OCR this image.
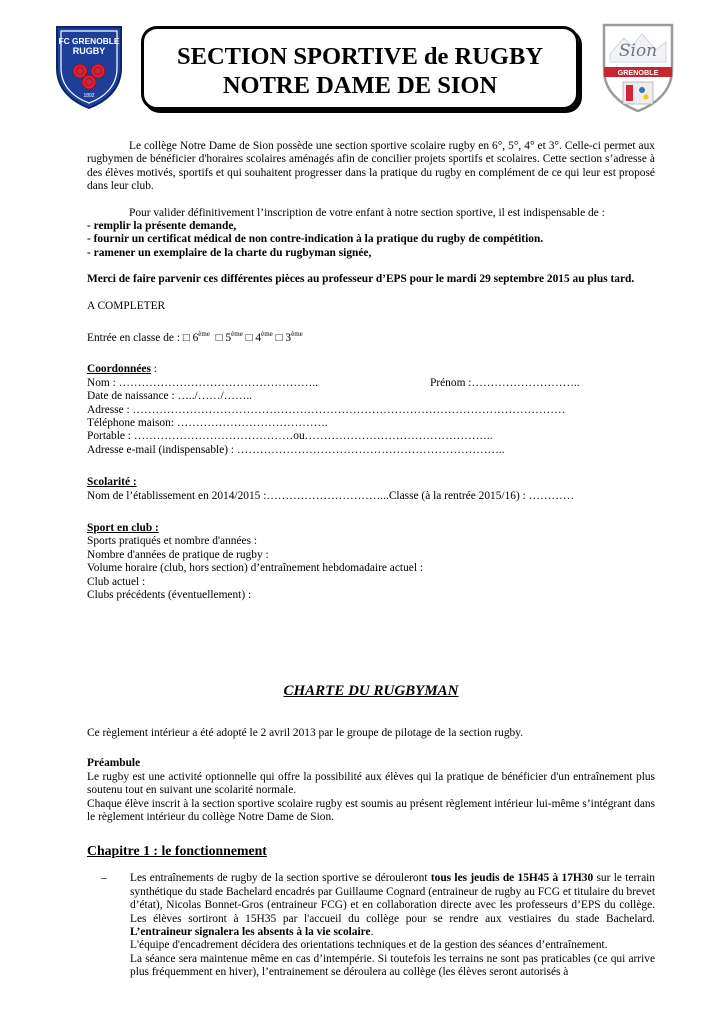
FC GRENOBLE
RUGBY
1892
SECTION SPORTIVE de RUGBY
NOTRE DAME DE SION
Sion
GRENOBLE

Le collège Notre Dame de Sion possède une section sportive scolaire rugby en 6°, 5°, 4° et 3°. Celle-ci permet aux rugbymen de bénéficier d'horaires scolaires aménagés afin de concilier projets sportifs et scolaires. Cette section s’adresse à des élèves motivés, sportifs et qui souhaitent progresser dans la pratique du rugby en complément de ce qui leur est proposé dans leur club.

Pour valider définitivement l’inscription de votre enfant à notre section sportive, il est indispensable de :

- remplir la présente demande,

- fournir un certificat médical de non contre-indication à la pratique du rugby de compétition.

- ramener un exemplaire de la charte du rugbyman signée,

Merci de faire parvenir ces différentes pièces au professeur d’EPS pour le mardi 29 septembre 2015 au plus tard.

A COMPLETER

Entrée en classe de : □ 6ème □ 5ème □ 4ème □ 3ème

Coordonnées :

Nom : ……………………………………………..	Prénom :………………………..
Date de naissance : …../……/……..
Adresse : ……………………………………………………………………………………………………
Téléphone maison: ………………………………….
Portable : ……………………………………ou…………………………………………..
Adresse e-mail (indispensable) : ……………………………………………………………..

Scolarité :

Nom de l’établissement en 2014/2015 :…………………………...Classe (à la rentrée 2015/16) : …………

Sport en club :

Sports pratiqués et nombre d'années :
Nombre d'années de pratique de rugby :
Volume horaire (club, hors section) d’entraînement hebdomadaire actuel :
Club actuel :
Clubs précédents (éventuellement) :
CHARTE DU RUGBYMAN

Ce règlement intérieur a été adopté le 2 avril 2013 par le groupe de pilotage de la section rugby.

Préambule

Le rugby est une activité optionnelle qui offre la possibilité aux élèves qui la pratique de bénéficier d'un entraînement plus soutenu tout en suivant une scolarité normale.

Chaque élève inscrit à la section sportive scolaire rugby est soumis au présent règlement intérieur lui-même s’intégrant dans le règlement intérieur du collège Notre Dame de Sion.

Chapitre 1 : le fonctionnement

– Les entraînements de rugby de la section sportive se dérouleront tous les jeudis de 15H45 à 17H30 sur le terrain synthétique du stade Bachelard encadrés par Guillaume Cognard (entraineur de rugby au FCG et titulaire du brevet d’état), Nicolas Bonnet-Gros (entraineur FCG) et en collaboration directe avec les professeurs d’EPS du collège. Les élèves sortiront à 15H35 par l'accueil du collège pour se rendre aux vestiaires du stade Bachelard. L’entraineur signalera les absents à la vie scolaire.

L'équipe d'encadrement décidera des orientations techniques et de la gestion des séances d’entraînement.

La séance sera maintenue même en cas d’intempérie. Si toutefois les terrains ne sont pas praticables (ce qui arrive plus fréquemment en hiver), l’entrainement se déroulera au collège (les élèves seront autorisés à
